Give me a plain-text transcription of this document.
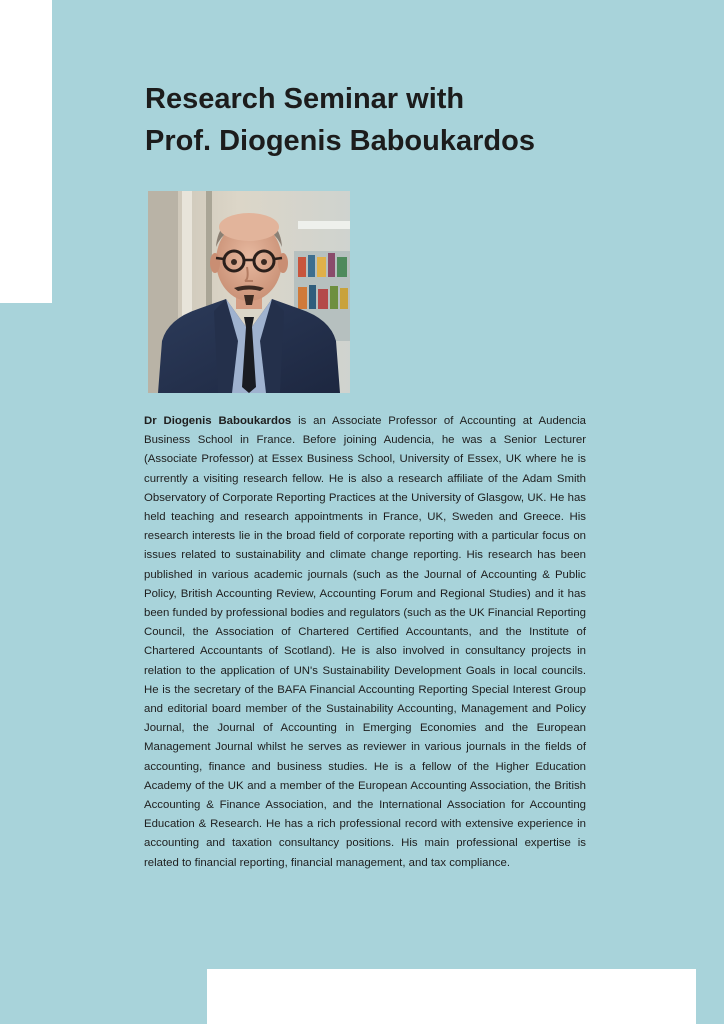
Research Seminar with
Prof. Diogenis Baboukardos

Dr Diogenis Baboukardos is an Associate Professor of Accounting at Audencia Business School in France. Before joining Audencia, he was a Senior Lecturer (Associate Professor) at Essex Business School, University of Essex, UK where he is currently a visiting research fellow. He is also a research affiliate of the Adam Smith Observatory of Corporate Reporting Practices at the University of Glasgow, UK. He has held teaching and research appointments in France, UK, Sweden and Greece. His research interests lie in the broad field of corporate reporting with a particular focus on issues related to sustainability and climate change reporting. His research has been published in various academic journals (such as the Journal of Accounting & Public Policy, British Accounting Review, Accounting Forum and Regional Studies) and it has been funded by professional bodies and regulators (such as the UK Financial Reporting Council, the Association of Chartered Certified Accountants, and the Institute of Chartered Accountants of Scotland). He is also involved in consultancy projects in relation to the application of UN's Sustainability Development Goals in local councils. He is the secretary of the BAFA Financial Accounting Reporting Special Interest Group and editorial board member of the Sustainability Accounting, Management and Policy Journal, the Journal of Accounting in Emerging Economies and the European Management Journal whilst he serves as reviewer in various journals in the fields of accounting, finance and business studies. He is a fellow of the Higher Education Academy of the UK and a member of the European Accounting Association, the British Accounting & Finance Association, and the International Association for Accounting Education & Research. He has a rich professional record with extensive experience in accounting and taxation consultancy positions. His main professional expertise is related to financial reporting, financial management, and tax compliance.
